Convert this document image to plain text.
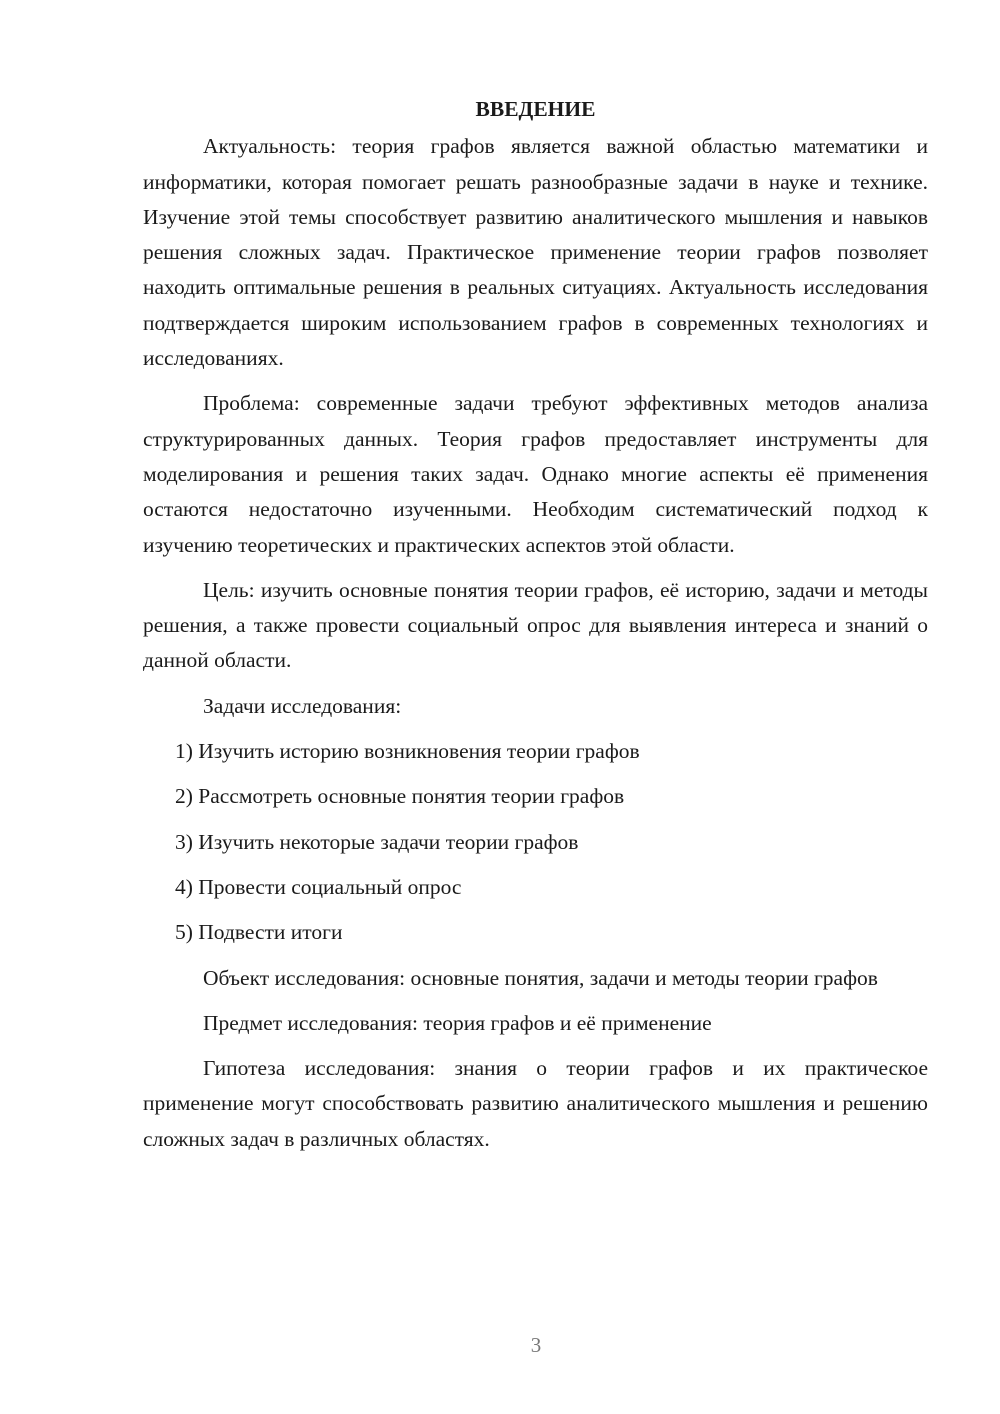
ВВЕДЕНИЕ

Актуальность: теория графов является важной областью математики и информатики, которая помогает решать разнообразные задачи в науке и технике. Изучение этой темы способствует развитию аналитического мышления и навыков решения сложных задач. Практическое применение теории графов позволяет находить оптимальные решения в реальных ситуациях. Актуальность исследования подтверждается широким использованием графов в современных технологиях и исследованиях.

Проблема: современные задачи требуют эффективных методов анализа структурированных данных. Теория графов предоставляет инструменты для моделирования и решения таких задач. Однако многие аспекты её применения остаются недостаточно изученными. Необходим систематический подход к изучению теоретических и практических аспектов этой области.

Цель: изучить основные понятия теории графов, её историю, задачи и методы решения, а также провести социальный опрос для выявления интереса и знаний о данной области.

Задачи исследования:

1) Изучить историю возникновения теории графов

2) Рассмотреть основные понятия теории графов

3) Изучить некоторые задачи теории графов

4) Провести социальный опрос

5) Подвести итоги

Объект исследования: основные понятия, задачи и методы теории графов

Предмет исследования: теория графов и её применение

Гипотеза исследования: знания о теории графов и их практическое применение могут способствовать развитию аналитического мышления и решению сложных задач в различных областях.

3
